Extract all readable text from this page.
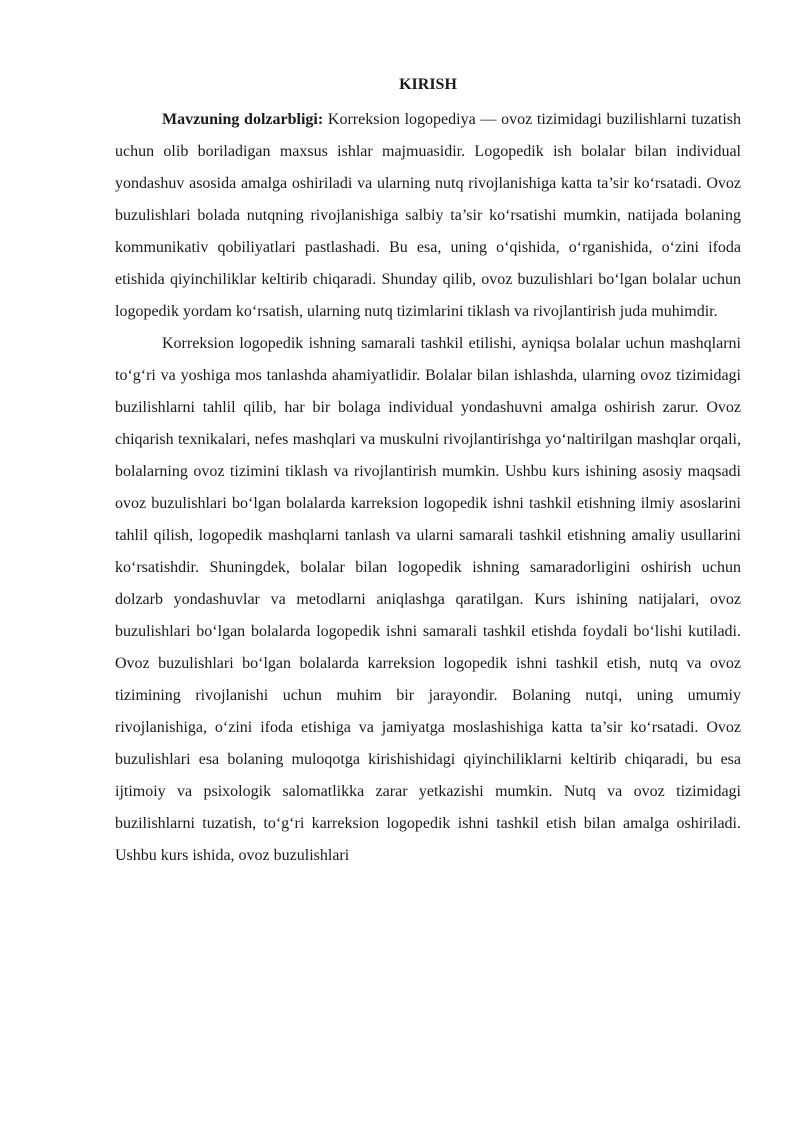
KIRISH

Mavzuning dolzarbligi: Korreksion logopediya — ovoz tizimidagi buzilishlarni tuzatish uchun olib boriladigan maxsus ishlar majmuasidir. Logopedik ish bolalar bilan individual yondashuv asosida amalga oshiriladi va ularning nutq rivojlanishiga katta ta’sir ko‘rsatadi. Ovoz buzulishlari bolada nutqning rivojlanishiga salbiy ta’sir ko‘rsatishi mumkin, natijada bolaning kommunikativ qobiliyatlari pastlashadi. Bu esa, uning o‘qishida, o‘rganishida, o‘zini ifoda etishida qiyinchiliklar keltirib chiqaradi. Shunday qilib, ovoz buzulishlari bo‘lgan bolalar uchun logopedik yordam ko‘rsatish, ularning nutq tizimlarini tiklash va rivojlantirish juda muhimdir.

Korreksion logopedik ishning samarali tashkil etilishi, ayniqsa bolalar uchun mashqlarni to‘g‘ri va yoshiga mos tanlashda ahamiyatlidir. Bolalar bilan ishlashda, ularning ovoz tizimidagi buzilishlarni tahlil qilib, har bir bolaga individual yondashuvni amalga oshirish zarur. Ovoz chiqarish texnikalari, nefes mashqlari va muskulni rivojlantirishga yo‘naltirilgan mashqlar orqali, bolalarning ovoz tizimini tiklash va rivojlantirish mumkin. Ushbu kurs ishining asosiy maqsadi ovoz buzulishlari bo‘lgan bolalarda karreksion logopedik ishni tashkil etishning ilmiy asoslarini tahlil qilish, logopedik mashqlarni tanlash va ularni samarali tashkil etishning amaliy usullarini ko‘rsatishdir. Shuningdek, bolalar bilan logopedik ishning samaradorligini oshirish uchun dolzarb yondashuvlar va metodlarni aniqlashga qaratilgan. Kurs ishining natijalari, ovoz buzulishlari bo‘lgan bolalarda logopedik ishni samarali tashkil etishda foydali bo‘lishi kutiladi. Ovoz buzulishlari bo‘lgan bolalarda karreksion logopedik ishni tashkil etish, nutq va ovoz tizimining rivojlanishi uchun muhim bir jarayondir. Bolaning nutqi, uning umumiy rivojlanishiga, o‘zini ifoda etishiga va jamiyatga moslashishiga katta ta’sir ko‘rsatadi. Ovoz buzulishlari esa bolaning muloqotga kirishishidagi qiyinchiliklarni keltirib chiqaradi, bu esa ijtimoiy va psixologik salomatlikka zarar yetkazishi mumkin. Nutq va ovoz tizimidagi buzilishlarni tuzatish, to‘g‘ri karreksion logopedik ishni tashkil etish bilan amalga oshiriladi. Ushbu kurs ishida, ovoz buzulishlari
